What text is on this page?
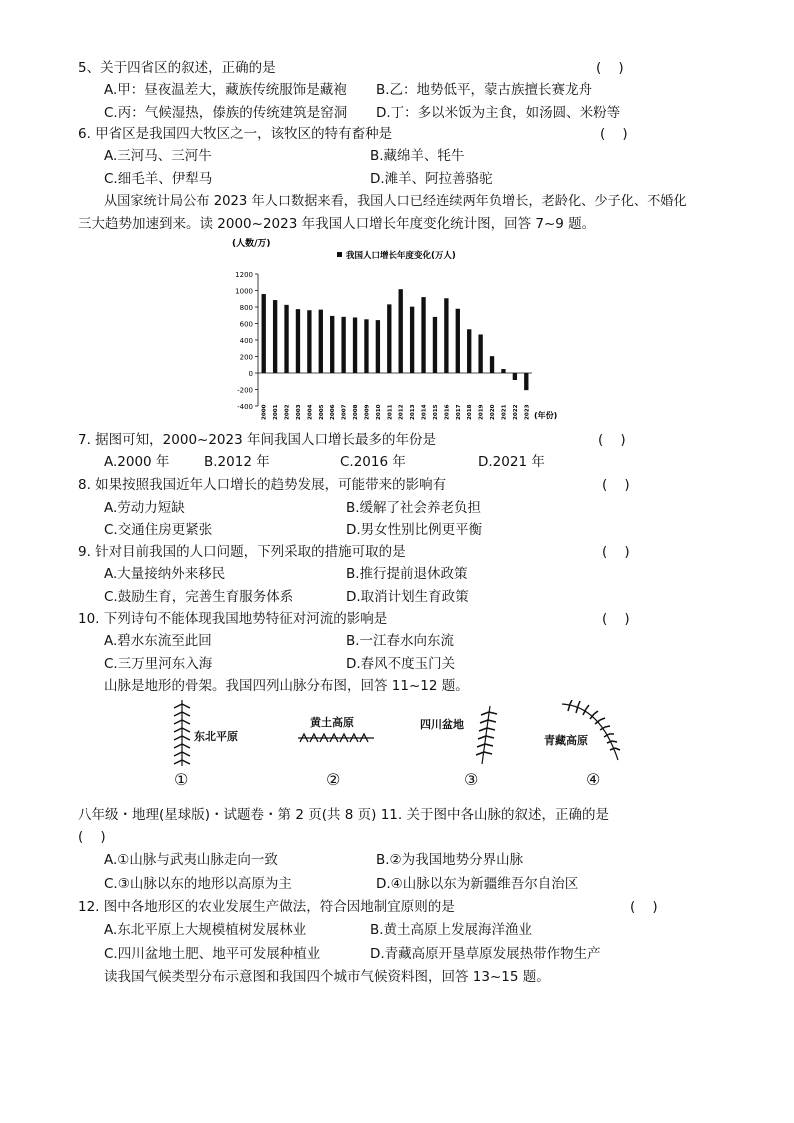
5、关于四省区的叙述，正确的是	(    )
A.甲：昼夜温差大，藏族传统服饰是藏袍 B.乙：地势低平，蒙古族擅长赛龙舟
C.丙：气候湿热，傣族的传统建筑是窑洞 D.丁：多以米饭为主食，如汤圆、米粉等
6. 甲省区是我国四大牧区之一，该牧区的特有畜种是	(    )
A.三河马、三河牛	B.藏绵羊、牦牛
C.细毛羊、伊犁马	D.滩羊、阿拉善骆驼
从国家统计局公布 2023 年人口数据来看，我国人口已经连续两年负增长，老龄化、少子化、不婚化
三大趋势加速到来。读 2000~2023 年我国人口增长年度变化统计图，回答 7~9 题。
(人数/万)
我国人口增长年度变化(万人)
1200
1000
800
600
400
200
0
-200
-400 2000 2001 2002 2003 2004 2005 2006 2007 2008 2009 2010 2011 2012 2013 2014 2015 2016 2017 2018 2019 2020 2021 2022 2023 (年份)
7. 据图可知，2000~2023 年间我国人口增长最多的年份是	(    )
A.2000 年	B.2012 年	C.2016 年	D.2021 年
8. 如果按照我国近年人口增长的趋势发展，可能带来的影响有	(    )
A.劳动力短缺	B.缓解了社会养老负担
C.交通住房更紧张	D.男女性别比例更平衡
9. 针对目前我国的人口问题，下列采取的措施可取的是	(    )
A.大量接纳外来移民	B.推行提前退休政策
C.鼓励生育，完善生育服务体系	D.取消计划生育政策
10. 下列诗句不能体现我国地势特征对河流的影响是	(    )
A.碧水东流至此回	B.一江春水向东流
C.三万里河东入海	D.春风不度玉门关
山脉是地形的骨架。我国四列山脉分布图，回答 11~12 题。
东北平原
①
黄土高原
②
四川盆地
③
青藏高原
④
八年级・地理(星球版)・试题卷・第 2 页(共 8 页) 11. 关于图中各山脉的叙述，正确的是
(    )
A.①山脉与武夷山脉走向一致	B.②为我国地势分界山脉
C.③山脉以东的地形以高原为主	D.④山脉以东为新疆维吾尔自治区
12. 图中各地形区的农业发展生产做法，符合因地制宜原则的是	(    )
A.东北平原上大规模植树发展林业	B.黄土高原上发展海洋渔业
C.四川盆地土肥、地平可发展种植业	D.青藏高原开垦草原发展热带作物生产
读我国气候类型分布示意图和我国四个城市气候资料图，回答 13~15 题。
